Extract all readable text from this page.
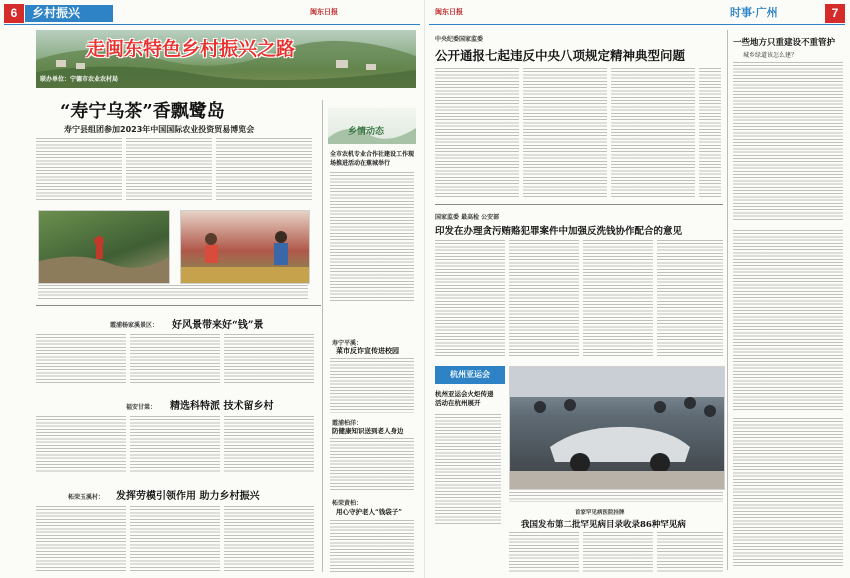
6	乡村振兴	闽东日报
走闽东特色乡村振兴之路
联办单位：宁德市农业农村局
“寿宁乌茶”香飘鹭岛
寿宁县组团参加2023年中国国际农业投资贸易博览会	乡情动态
全市农机专业合作社建设工作现场推进活动在蕉城举行
霞浦杨家溪景区： 好风景带来好“钱”景
寿宁平溪：
菜市反诈宣传进校园
福安甘棠： 精选科特派 技术留乡村
霞浦柏洋：
防健康知识送到老人身边
柘荣玉溪村： 发挥劳模引领作用 助力乡村振兴
柘荣黄柏：
用心守护老人“钱袋子”
闽东日报	时事·广州	7
中央纪委国家监委
公开通报七起违反中央八项规定精神典型问题
一些地方只重建设不重管护
城乡绿道该怎么建？
国家监委 最高检 公安部
印发在办理贪污贿赂犯罪案件中加强反洗钱协作配合的意见
杭州亚运会
杭州亚运会火炬传递活动在杭州展开
首家罕见病医院挂牌
我国发布第二批罕见病目录收录86种罕见病
